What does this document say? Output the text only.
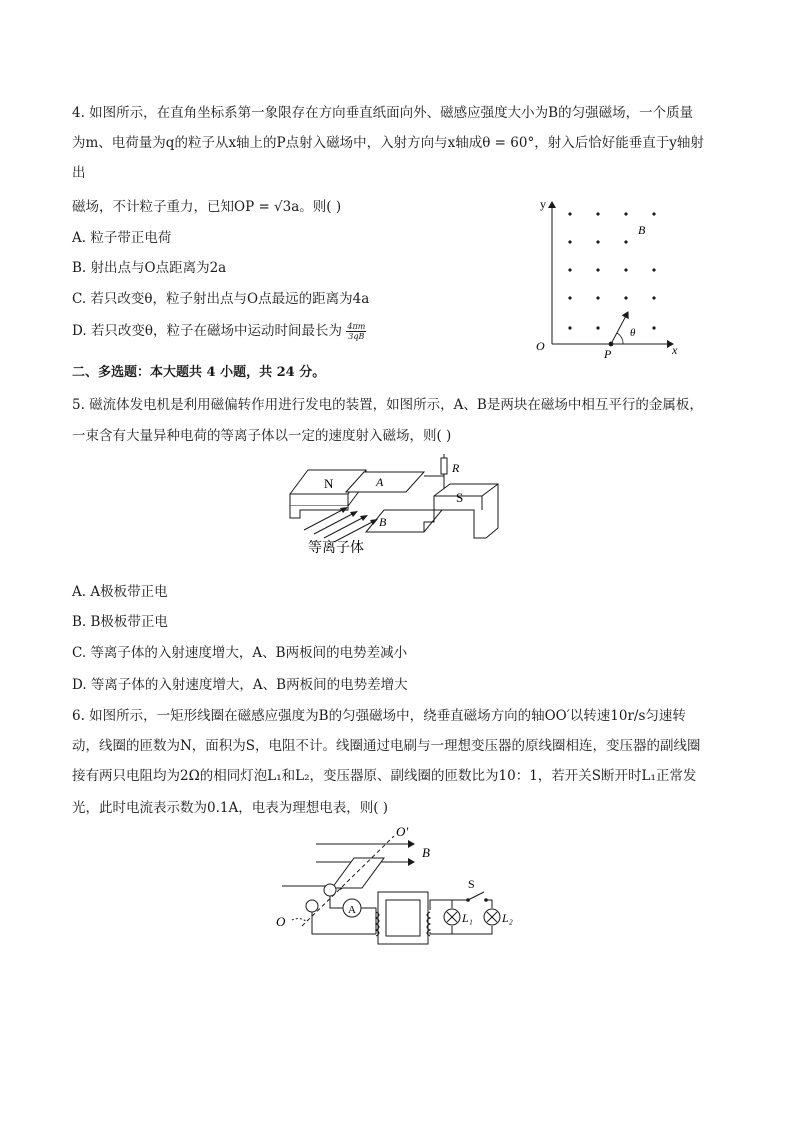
4. 如图所示，在直角坐标系第一象限存在方向垂直纸面向外、磁感应强度大小为B的匀强磁场，一个质量
为m、电荷量为q的粒子从x轴上的P点射入磁场中，入射方向与x轴成θ = 60°，射入后恰好能垂直于y轴射
出
磁场，不计粒子重力，已知OP = √3a。则( )
A. 粒子带正电荷
B. 射出点与O点距离为2a
C. 若只改变θ，粒子射出点与O点最远的距离为4a
D. 若只改变θ，粒子在磁场中运动时间最长为 $\frac{4\pi m}{3qB}$
y
x
O
P
B
θ
二、多选题：本大题共 4 小题，共 24 分。
5. 磁流体发电机是利用磁偏转作用进行发电的装置，如图所示，A、B是两块在磁场中相互平行的金属板，
一束含有大量异种电荷的等离子体以一定的速度射入磁场，则( )
N	A
B
R
S
等离子体
A. A极板带正电
B. B极板带正电
C. 等离子体的入射速度增大，A、B两板间的电势差减小
D. 等离子体的入射速度增大，A、B两板间的电势差增大
6. 如图所示，一矩形线圈在磁感应强度为B的匀强磁场中，绕垂直磁场方向的轴OO′以转速10r/s匀速转
动，线圈的匝数为N，面积为S，电阻不计。线圈通过电刷与一理想变压器的原线圈相连，变压器的副线圈
接有两只电阻均为2Ω的相同灯泡L₁和L₂，变压器原、副线圈的匝数比为10：1，若开关S断开时L₁正常发
光，此时电流表示数为0.1A，电表为理想电表，则( )
O′
B
O
A
S
L₁ L₂
